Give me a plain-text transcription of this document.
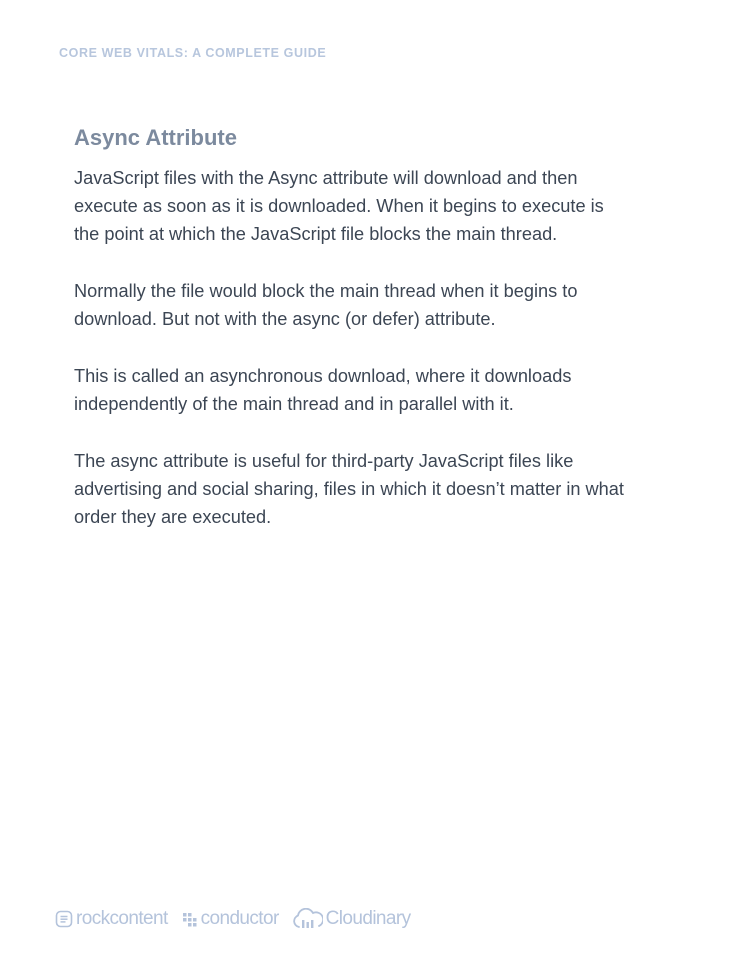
CORE WEB VITALS: A COMPLETE GUIDE
Async Attribute

JavaScript files with the Async attribute will download and then execute as soon as it is downloaded. When it begins to execute is the point at which the JavaScript file blocks the main thread.

Normally the file would block the main thread when it begins to download. But not with the async (or defer) attribute.

This is called an asynchronous download, where it downloads independently of the main thread and in parallel with it.

The async attribute is useful for third-party JavaScript files like advertising and social sharing, files in which it doesn’t matter in what order they are executed.

rockcontent conductor Cloudinary
